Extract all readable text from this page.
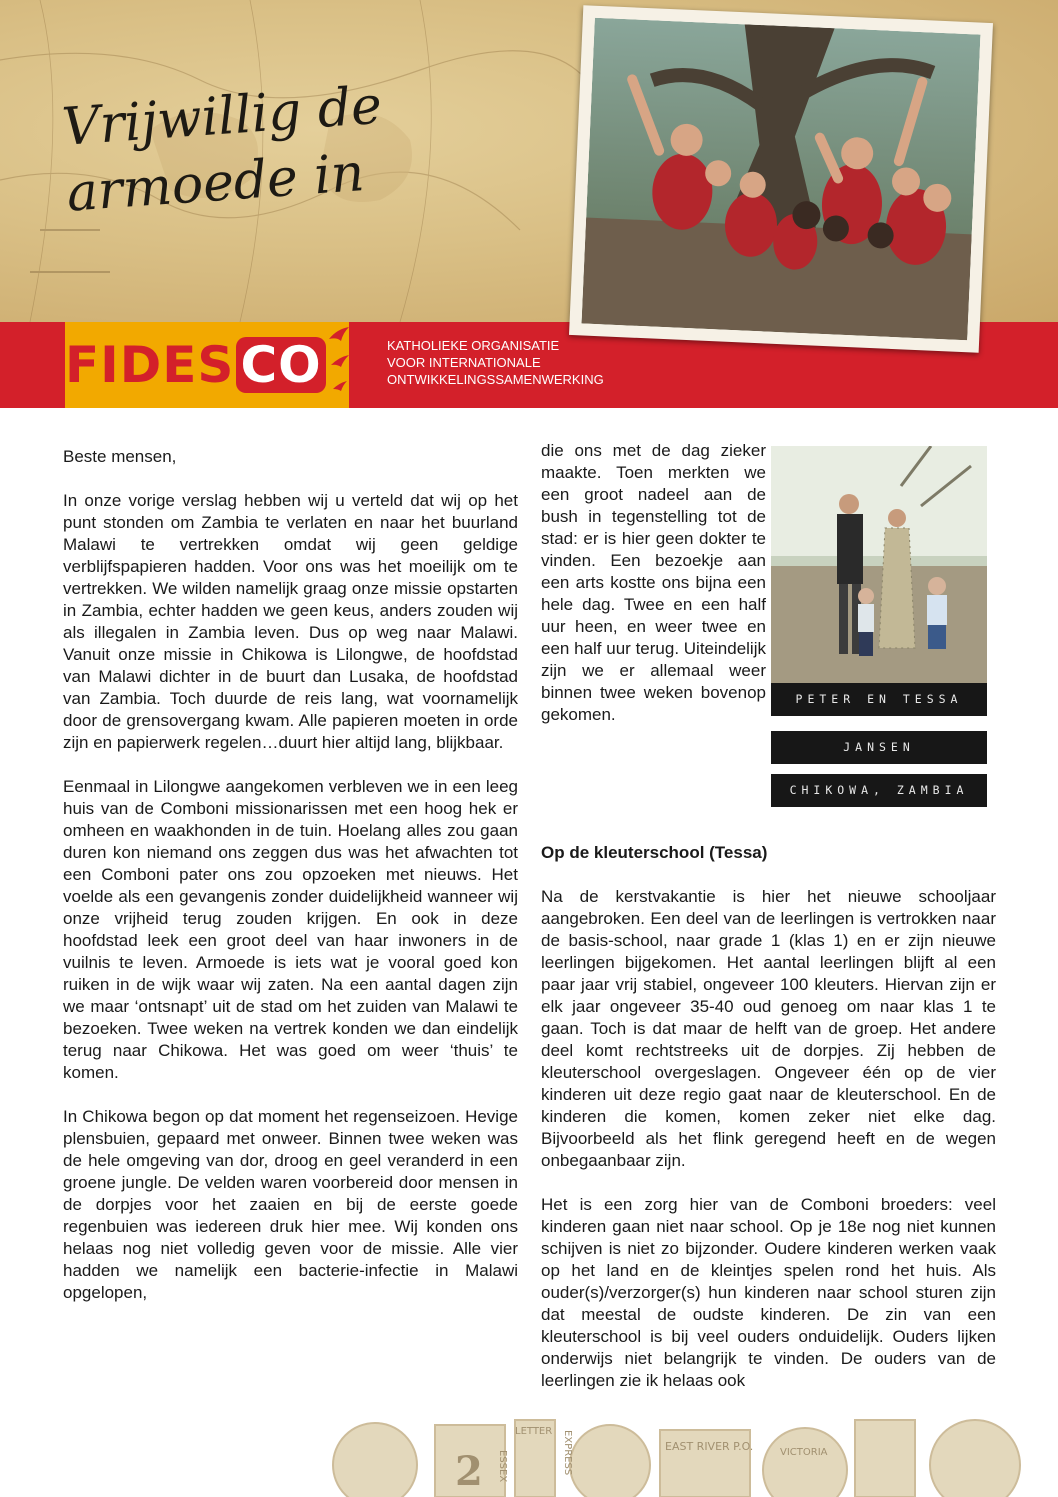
Vrijwillig de
armoede in
FIDES CO	KATHOLIEKE ORGANISATIE
VOOR INTERNATIONALE
ONTWIKKELINGSSAMENWERKING

Beste mensen,

In onze vorige verslag hebben wij u verteld dat wij op het punt stonden om Zambia te verlaten en naar het buurland Malawi te vertrekken omdat wij geen geldige verblijfspapieren hadden. Voor ons was het moeilijk om te vertrekken. We wilden namelijk graag onze missie opstarten in Zambia, echter hadden we geen keus, anders zouden wij als illegalen in Zambia leven. Dus op weg naar Malawi. Vanuit onze missie in Chikowa is Lilongwe, de hoofdstad van Malawi dichter in de buurt dan Lusaka, de hoofdstad van Zambia. Toch duurde de reis lang, wat voornamelijk door de grensovergang kwam. Alle papieren moeten in orde zijn en papierwerk regelen…duurt hier altijd lang, blijkbaar.

Eenmaal in Lilongwe aangekomen verbleven we in een leeg huis van de Comboni missionarissen met een hoog hek er omheen en waakhonden in de tuin. Hoelang alles zou gaan duren kon niemand ons zeggen dus was het afwachten tot een Comboni pater ons zou opzoeken met nieuws. Het voelde als een gevangenis zonder duidelijkheid wanneer wij onze vrijheid terug zouden krijgen. En ook in deze hoofdstad leek een groot deel van haar inwoners in de vuilnis te leven. Armoede is iets wat je vooral goed kon ruiken in de wijk waar wij zaten. Na een aantal dagen zijn we maar ‘ontsnapt’ uit de stad om het zuiden van Malawi te bezoeken. Twee weken na vertrek konden we dan eindelijk terug naar Chikowa. Het was goed om weer ‘thuis’ te komen.

In Chikowa begon op dat moment het regenseizoen. Hevige plensbuien, gepaard met onweer. Binnen twee weken was de hele omgeving van dor, droog en geel veranderd in een groene jungle. De velden waren voorbereid door mensen in de dorpjes voor het zaaien en bij de eerste goede regenbuien was iedereen druk hier mee. Wij konden ons helaas nog niet volledig geven voor de missie. Alle vier hadden we namelijk een bacterie-infectie in Malawi opgelopen,

die ons met de dag zieker maakte. Toen merkten we een groot nadeel aan de bush in tegenstelling tot de stad: er is hier geen dokter te vinden. Een bezoekje aan een arts kostte ons bijna een hele dag. Twee en een half uur heen, en weer twee en een half uur terug. Uiteindelijk zijn we er allemaal weer binnen twee weken bovenop gekomen.

PETER EN TESSA
JANSEN
CHIKOWA, ZAMBIA

Op de kleuterschool (Tessa)

Na de kerstvakantie is hier het nieuwe schooljaar aangebroken. Een deel van de leerlingen is vertrokken naar de basis-school, naar grade 1 (klas 1) en er zijn nieuwe leerlingen bijgekomen. Het aantal leerlingen blijft al een paar jaar vrij stabiel, ongeveer 100 kleuters. Hiervan zijn er elk jaar ongeveer 35-40 oud genoeg om naar klas 1 te gaan. Toch is dat maar de helft van de groep. Het andere deel komt rechtstreeks uit de dorpjes. Zij hebben de kleuterschool overgeslagen. Ongeveer één op de vier kinderen uit deze regio gaat naar de kleuterschool. En de kinderen die komen, komen zeker niet elke dag. Bijvoorbeeld als het flink geregend heeft en de wegen onbegaanbaar zijn.

Het is een zorg hier van de Comboni broeders: veel kinderen gaan niet naar school. Op je 18e nog niet kunnen schijven is niet zo bijzonder. Oudere kinderen werken vaak op het land en de kleintjes spelen rond het huis. Als ouder(s)/verzorger(s) hun kinderen naar school sturen zijn dat meestal de oudste kinderen. De zin van een kleuterschool is bij veel ouders onduidelijk. Ouders lijken onderwijs niet belangrijk te vinden. De ouders van de leerlingen zie ik helaas ook

2 ESSEX
LETTER EXPRESS	EAST RIVER P.O.	VICTORIA
